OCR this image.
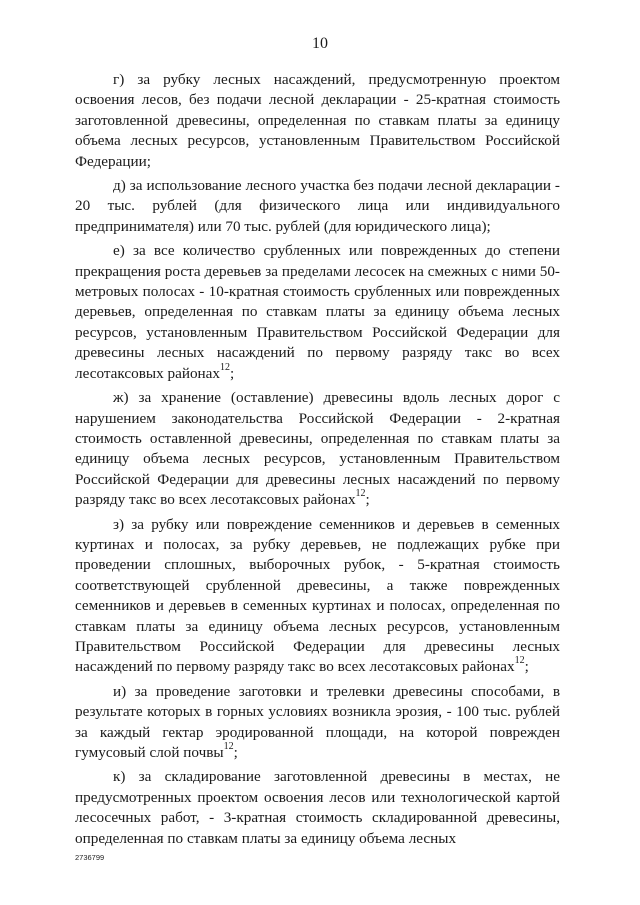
10

г) за рубку лесных насаждений, предусмотренную проектом освоения лесов, без подачи лесной декларации - 25-кратная стоимость заготовленной древесины, определенная по ставкам платы за единицу объема лесных ресурсов, установленным Правительством Российской Федерации;

д) за использование лесного участка без подачи лесной декларации - 20 тыс. рублей (для физического лица или индивидуального предпринимателя) или 70 тыс. рублей (для юридического лица);

е) за все количество срубленных или поврежденных до степени прекращения роста деревьев за пределами лесосек на смежных с ними 50-метровых полосах - 10-кратная стоимость срубленных или поврежденных деревьев, определенная по ставкам платы за единицу объема лесных ресурсов, установленным Правительством Российской Федерации для древесины лесных насаждений по первому разряду такс во всех лесотаксовых районах$^{12}$;

ж) за хранение (оставление) древесины вдоль лесных дорог с нарушением законодательства Российской Федерации - 2-кратная стоимость оставленной древесины, определенная по ставкам платы за единицу объема лесных ресурсов, установленным Правительством Российской Федерации для древесины лесных насаждений по первому разряду такс во всех лесотаксовых районах$^{12}$;

з) за рубку или повреждение семенников и деревьев в семенных куртинах и полосах, за рубку деревьев, не подлежащих рубке при проведении сплошных, выборочных рубок, - 5-кратная стоимость соответствующей срубленной древесины, а также поврежденных семенников и деревьев в семенных куртинах и полосах, определенная по ставкам платы за единицу объема лесных ресурсов, установленным Правительством Российской Федерации для древесины лесных насаждений по первому разряду такс во всех лесотаксовых районах$^{12}$;

и) за проведение заготовки и трелевки древесины способами, в результате которых в горных условиях возникла эрозия, - 100 тыс. рублей за каждый гектар эродированной площади, на которой поврежден гумусовый слой почвы$^{12}$;

к) за складирование заготовленной древесины в местах, не предусмотренных проектом освоения лесов или технологической картой лесосечных работ, - 3-кратная стоимость складированной древесины, определенная по ставкам платы за единицу объема лесных

2736799
